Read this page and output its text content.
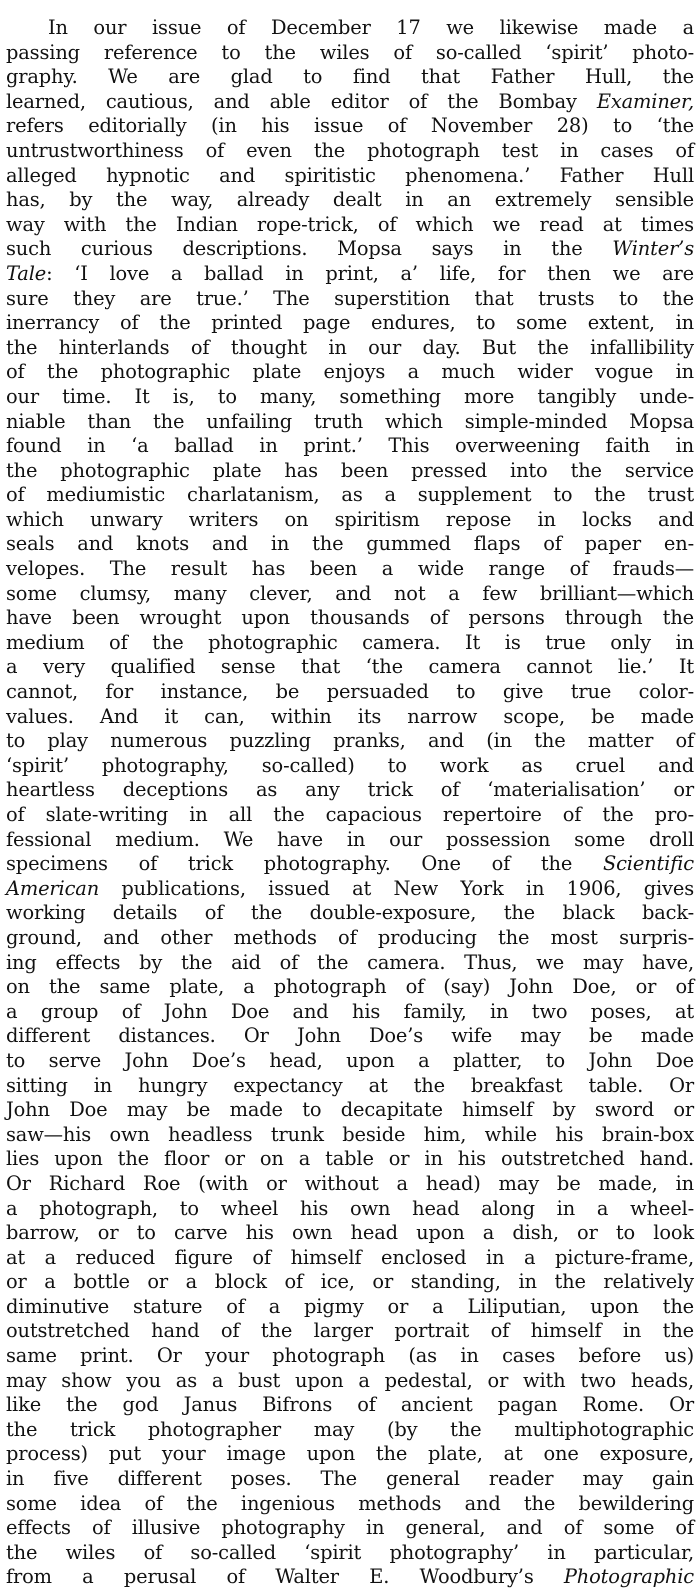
In our issue of December 17 we likewise made a
passing reference to the wiles of so-called ‘spirit’ photo-
graphy. We are glad to find that Father Hull, the
learned, cautious, and able editor of the Bombay Examiner,
refers editorially (in his issue of November 28) to ‘the
untrustworthiness of even the photograph test in cases of
alleged hypnotic and spiritistic phenomena.’ Father Hull
has, by the way, already dealt in an extremely sensible
way with the Indian rope-trick, of which we read at times
such curious descriptions. Mopsa says in the Winter’s
Tale: ‘I love a ballad in print, a’ life, for then we are
sure they are true.’ The superstition that trusts to the
inerrancy of the printed page endures, to some extent, in
the hinterlands of thought in our day. But the infallibility
of the photographic plate enjoys a much wider vogue in
our time. It is, to many, something more tangibly unde-
niable than the unfailing truth which simple-minded Mopsa
found in ‘a ballad in print.’ This overweening faith in
the photographic plate has been pressed into the service
of mediumistic charlatanism, as a supplement to the trust
which unwary writers on spiritism repose in locks and
seals and knots and in the gummed flaps of paper en-
velopes. The result has been a wide range of frauds—
some clumsy, many clever, and not a few brilliant—which
have been wrought upon thousands of persons through the
medium of the photographic camera. It is true only in
a very qualified sense that ‘the camera cannot lie.’ It
cannot, for instance, be persuaded to give true color-
values. And it can, within its narrow scope, be made
to play numerous puzzling pranks, and (in the matter of
‘spirit’ photography, so-called) to work as cruel and
heartless deceptions as any trick of ‘materialisation’ or
of slate-writing in all the capacious repertoire of the pro-
fessional medium. We have in our possession some droll
specimens of trick photography. One of the Scientific
American publications, issued at New York in 1906, gives
working details of the double-exposure, the black back-
ground, and other methods of producing the most surpris-
ing effects by the aid of the camera. Thus, we may have,
on the same plate, a photograph of (say) John Doe, or of
a group of John Doe and his family, in two poses, at
different distances. Or John Doe’s wife may be made
to serve John Doe’s head, upon a platter, to John Doe
sitting in hungry expectancy at the breakfast table. Or
John Doe may be made to decapitate himself by sword or
saw—his own headless trunk beside him, while his brain-box
lies upon the floor or on a table or in his outstretched hand.
Or Richard Roe (with or without a head) may be made, in
a photograph, to wheel his own head along in a wheel-
barrow, or to carve his own head upon a dish, or to look
at a reduced figure of himself enclosed in a picture-frame,
or a bottle or a block of ice, or standing, in the relatively
diminutive stature of a pigmy or a Liliputian, upon the
outstretched hand of the larger portrait of himself in the
same print. Or your photograph (as in cases before us)
may show you as a bust upon a pedestal, or with two heads,
like the god Janus Bifrons of ancient pagan Rome. Or
the trick photographer may (by the multiphotographic
process) put your image upon the plate, at one exposure,
in five different poses. The general reader may gain
some idea of the ingenious methods and the bewildering
effects of illusive photography in general, and of some of
the wiles of so-called ‘spirit photography’ in particular,
from a perusal of Walter E. Woodbury’s Photographic
